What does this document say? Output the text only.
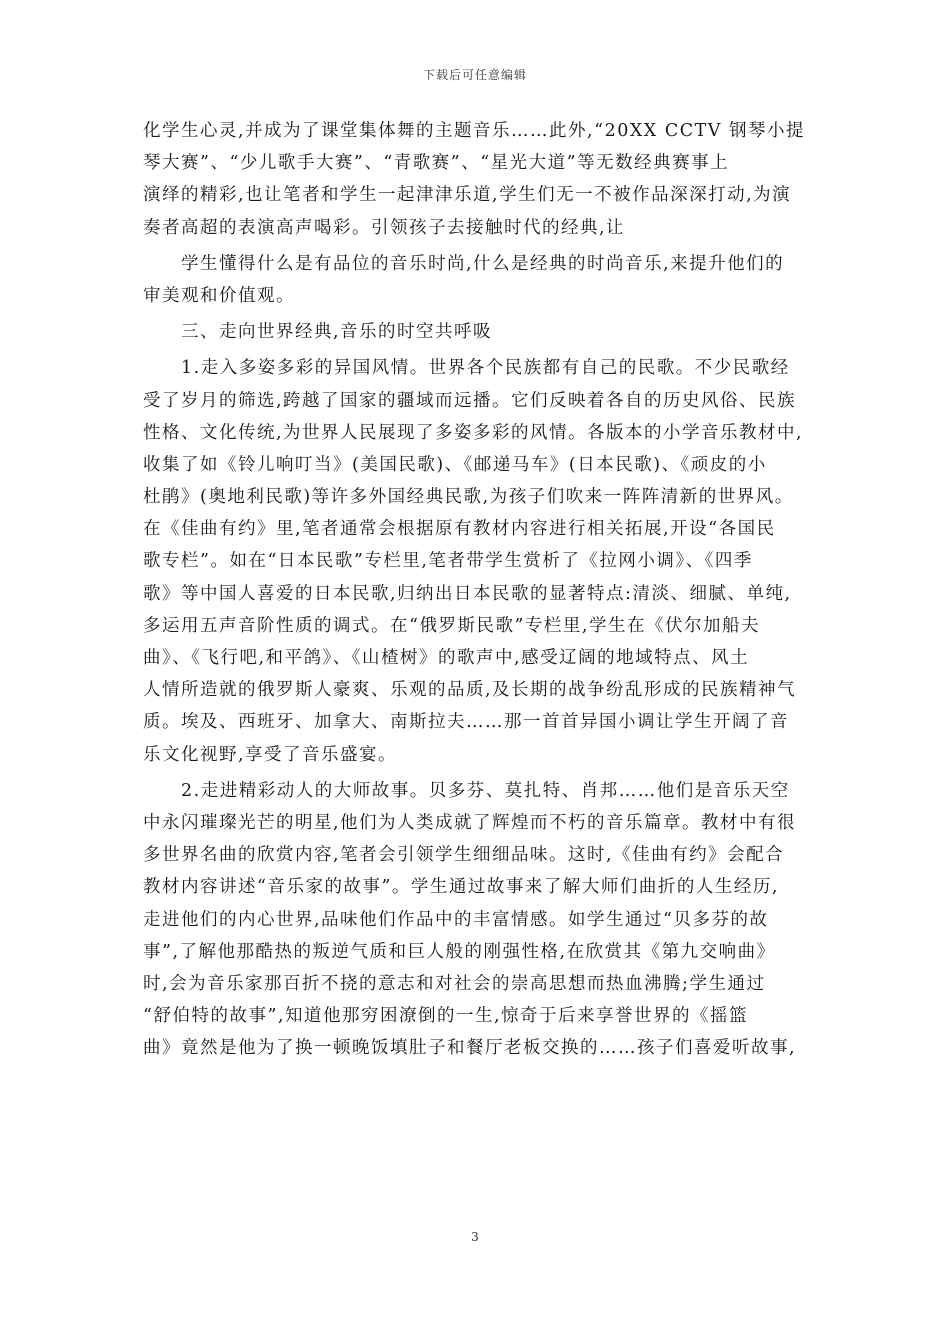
下载后可任意编辑
化学生心灵,并成为了课堂集体舞的主题音乐……此外,“20XX CCTV 钢琴小提
琴大赛”、“少儿歌手大赛”、“青歌赛”、“星光大道”等无数经典赛事上
演绎的精彩,也让笔者和学生一起津津乐道,学生们无一不被作品深深打动,为演
奏者高超的表演高声喝彩。引领孩子去接触时代的经典,让
学生懂得什么是有品位的音乐时尚,什么是经典的时尚音乐,来提升他们的
审美观和价值观。
三、走向世界经典,音乐的时空共呼吸
1.走入多姿多彩的异国风情。世界各个民族都有自己的民歌。不少民歌经
受了岁月的筛选,跨越了国家的疆域而远播。它们反映着各自的历史风俗、民族
性格、文化传统,为世界人民展现了多姿多彩的风情。各版本的小学音乐教材中,
收集了如《铃儿响叮当》(美国民歌)、《邮递马车》(日本民歌)、《顽皮的小
杜鹃》(奥地利民歌)等许多外国经典民歌,为孩子们吹来一阵阵清新的世界风。
在《佳曲有约》里,笔者通常会根据原有教材内容进行相关拓展,开设“各国民
歌专栏”。如在“日本民歌”专栏里,笔者带学生赏析了《拉网小调》、《四季
歌》等中国人喜爱的日本民歌,归纳出日本民歌的显著特点:清淡、细腻、单纯,
多运用五声音阶性质的调式。在“俄罗斯民歌”专栏里,学生在《伏尔加船夫
曲》、《飞行吧,和平鸽》、《山楂树》的歌声中,感受辽阔的地域特点、风土
人情所造就的俄罗斯人豪爽、乐观的品质,及长期的战争纷乱形成的民族精神气
质。埃及、西班牙、加拿大、南斯拉夫……那一首首异国小调让学生开阔了音
乐文化视野,享受了音乐盛宴。
2.走进精彩动人的大师故事。贝多芬、莫扎特、肖邦……他们是音乐天空
中永闪璀璨光芒的明星,他们为人类成就了辉煌而不朽的音乐篇章。教材中有很
多世界名曲的欣赏内容,笔者会引领学生细细品味。这时,《佳曲有约》会配合
教材内容讲述“音乐家的故事”。学生通过故事来了解大师们曲折的人生经历,
走进他们的内心世界,品味他们作品中的丰富情感。如学生通过“贝多芬的故
事”,了解他那酷热的叛逆气质和巨人般的刚强性格,在欣赏其《第九交响曲》
时,会为音乐家那百折不挠的意志和对社会的崇高思想而热血沸腾;学生通过
“舒伯特的故事”,知道他那穷困潦倒的一生,惊奇于后来享誉世界的《摇篮
曲》竟然是他为了换一顿晚饭填肚子和餐厅老板交换的……孩子们喜爱听故事,
3
